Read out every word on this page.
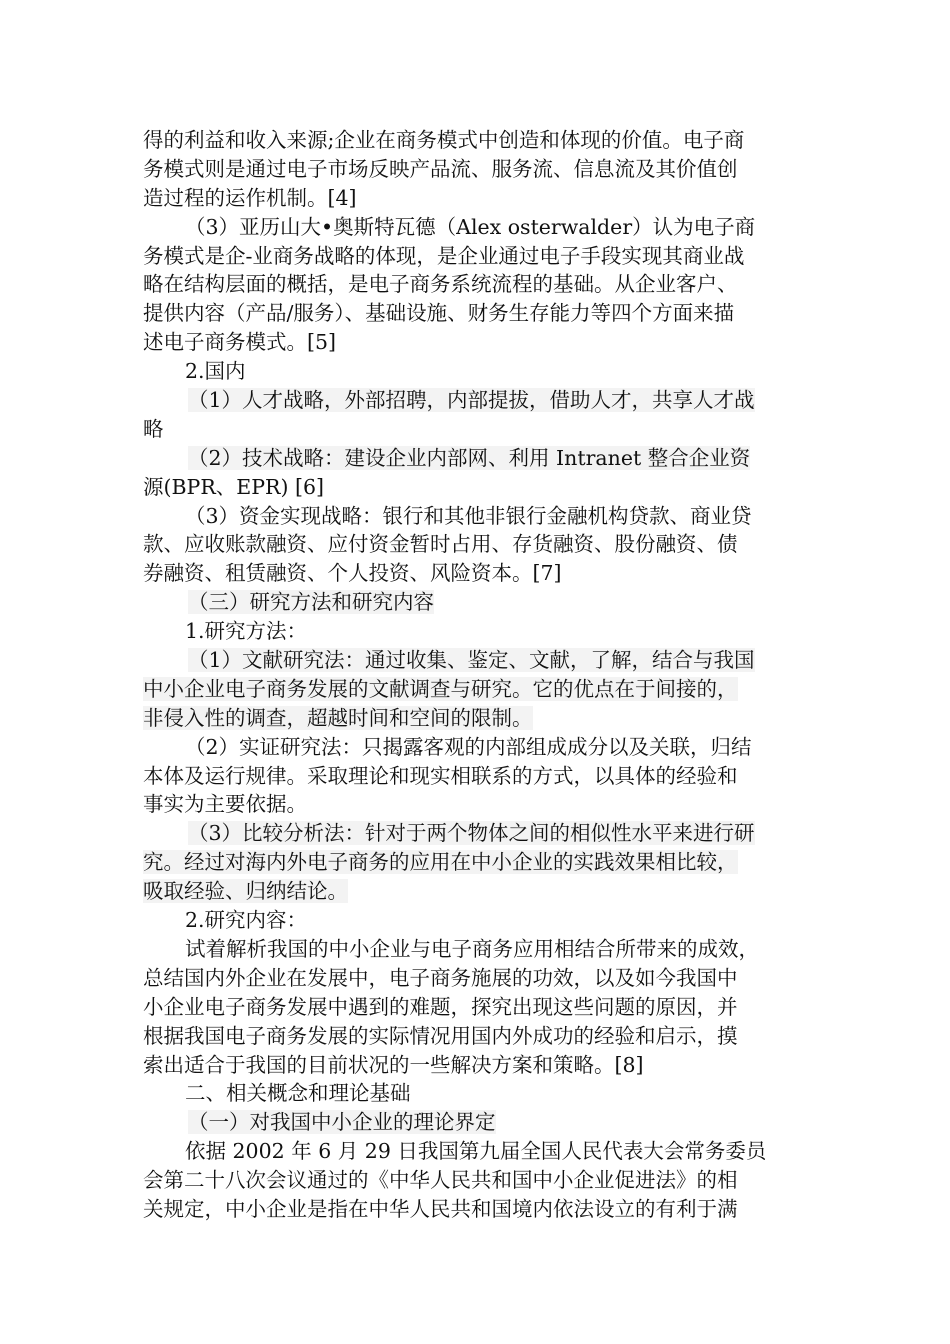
得的利益和收入来源;企业在商务模式中创造和体现的价值。电子商
务模式则是通过电子市场反映产品流、服务流、信息流及其价值创
造过程的运作机制。[4]
（3）亚历山大•奥斯特瓦德（Alex osterwalder）认为电子商
务模式是企-业商务战略的体现，是企业通过电子手段实现其商业战
略在结构层面的概括，是电子商务系统流程的基础。从企业客户、
提供内容（产品/服务）、基础设施、财务生存能力等四个方面来描
述电子商务模式。[5]
2.国内
（1）人才战略，外部招聘，内部提拔，借助人才，共享人才战
略
（2）技术战略：建设企业内部网、利用 Intranet 整合企业资
源(BPR、EPR) [6]
（3）资金实现战略：银行和其他非银行金融机构贷款、商业贷
款、应收账款融资、应付资金暂时占用、存货融资、股份融资、债
券融资、租赁融资、个人投资、风险资本。[7]
（三）研究方法和研究内容
1.研究方法：
（1）文献研究法：通过收集、鉴定、文献，了解，结合与我国
中小企业电子商务发展的文献调查与研究。它的优点在于间接的，
非侵入性的调查，超越时间和空间的限制。
（2）实证研究法：只揭露客观的内部组成成分以及关联，归结
本体及运行规律。采取理论和现实相联系的方式，以具体的经验和
事实为主要依据。
（3）比较分析法：针对于两个物体之间的相似性水平来进行研
究。经过对海内外电子商务的应用在中小企业的实践效果相比较，
吸取经验、归纳结论。
2.研究内容：
试着解析我国的中小企业与电子商务应用相结合所带来的成效，
总结国内外企业在发展中，电子商务施展的功效，以及如今我国中
小企业电子商务发展中遇到的难题，探究出现这些问题的原因，并
根据我国电子商务发展的实际情况用国内外成功的经验和启示，摸
索出适合于我国的目前状况的一些解决方案和策略。[8]
二、相关概念和理论基础
（一）对我国中小企业的理论界定
依据 2002 年 6 月 29 日我国第九届全国人民代表大会常务委员
会第二十八次会议通过的《中华人民共和国中小企业促进法》的相
关规定，中小企业是指在中华人民共和国境内依法设立的有利于满
